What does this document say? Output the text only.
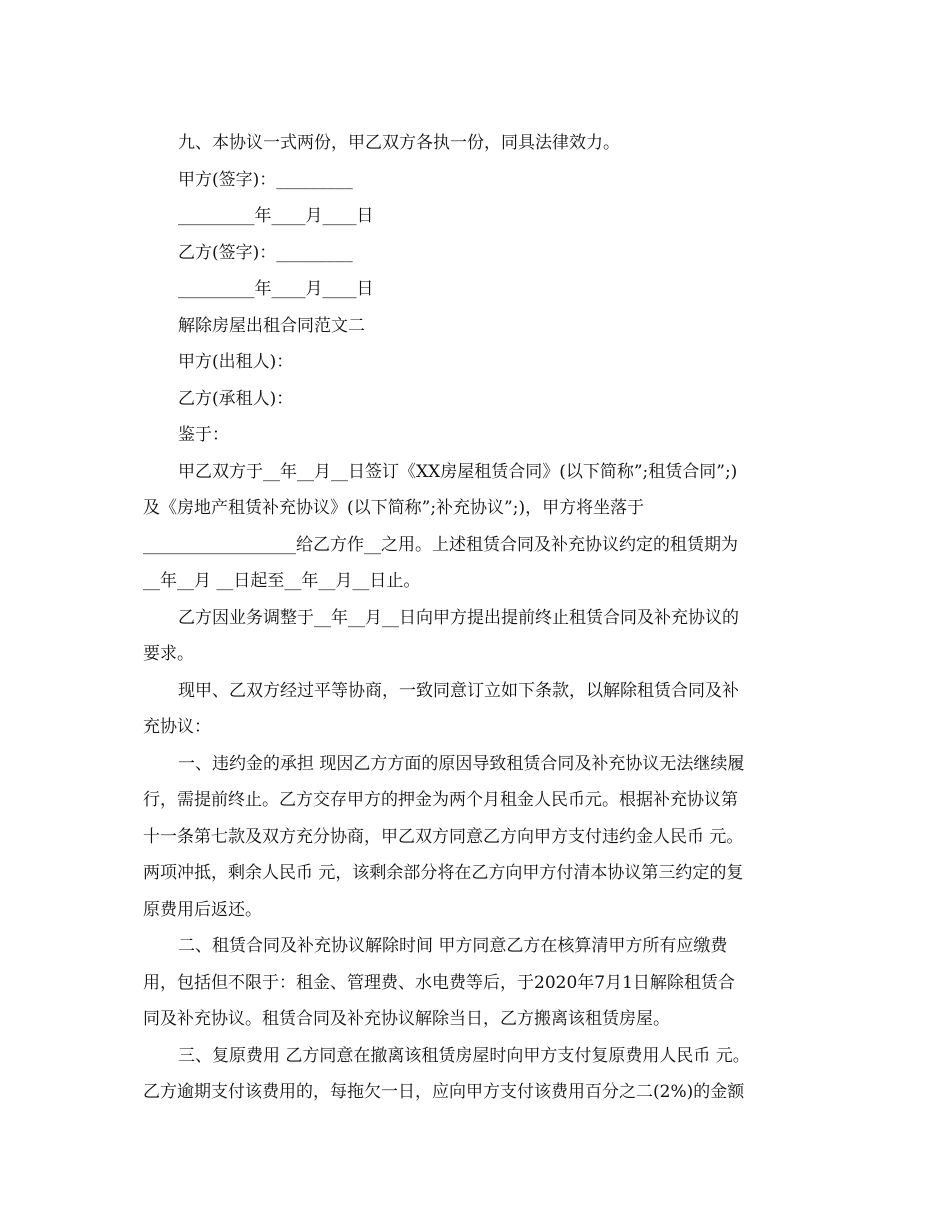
九、本协议一式两份，甲乙双方各执一份，同具法律效力。
甲方(签字)：_________
_________年____月____日
乙方(签字)：_________
_________年____月____日
解除房屋出租合同范文二
甲方(出租人)：
乙方(承租人)：
鉴于：
甲乙双方于__年__月__日签订《XX房屋租赁合同》(以下简称”;租赁合同”;)
及《房地产租赁补充协议》(以下简称”;补充协议”;)，甲方将坐落于
__________________给乙方作__之用。上述租赁合同及补充协议约定的租赁期为
__年__月 __日起至__年__月__日止。
乙方因业务调整于__年__月__日向甲方提出提前终止租赁合同及补充协议的
要求。
现甲、乙双方经过平等协商，一致同意订立如下条款，以解除租赁合同及补
充协议：
一、违约金的承担 现因乙方方面的原因导致租赁合同及补充协议无法继续履
行，需提前终止。乙方交存甲方的押金为两个月租金人民币元。根据补充协议第
十一条第七款及双方充分协商，甲乙双方同意乙方向甲方支付违约金人民币 元。
两项冲抵，剩余人民币 元，该剩余部分将在乙方向甲方付清本协议第三约定的复
原费用后返还。
二、租赁合同及补充协议解除时间 甲方同意乙方在核算清甲方所有应缴费
用，包括但不限于：租金、管理费、水电费等后，于2020年7月1日解除租赁合
同及补充协议。租赁合同及补充协议解除当日，乙方搬离该租赁房屋。
三、复原费用 乙方同意在撤离该租赁房屋时向甲方支付复原费用人民币 元。
乙方逾期支付该费用的，每拖欠一日，应向甲方支付该费用百分之二(2%)的金额
